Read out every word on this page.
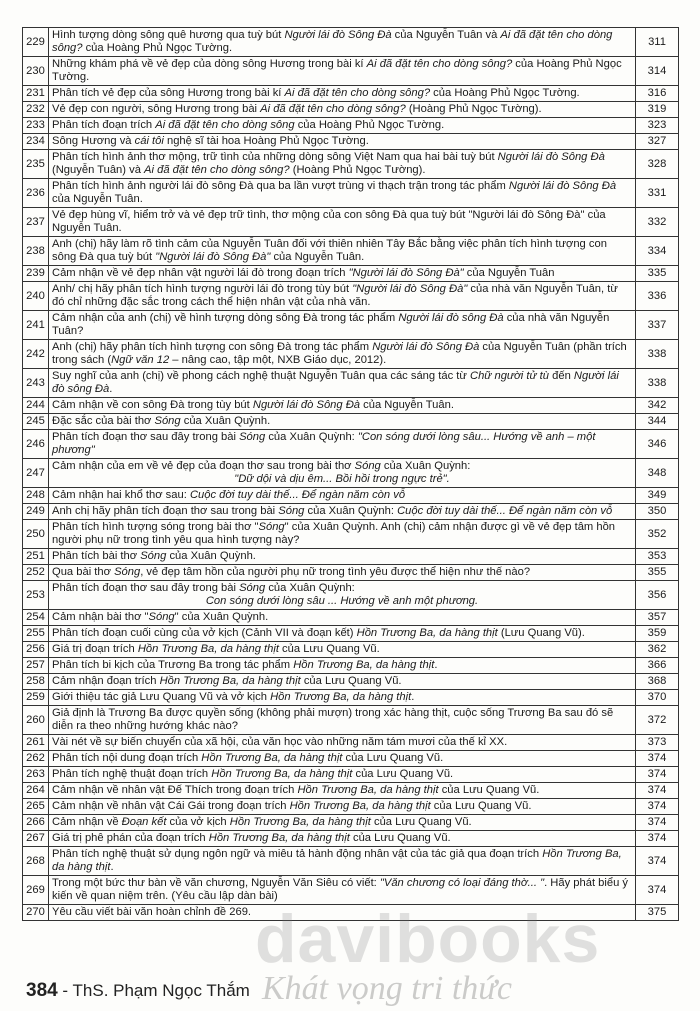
229	Hình tượng dòng sông quê hương qua tuỳ bút Người lái đò Sông Đà của Nguyễn Tuân và Ai đã đặt tên cho dòng sông? của Hoàng Phủ Ngọc Tường.	311
230	Những khám phá về vẻ đẹp của dòng sông Hương trong bài kí Ai đã đặt tên cho dòng sông? của Hoàng Phủ Ngọc Tường.	314
231	Phân tích vẻ đẹp của sông Hương trong bài kí Ai đã đặt tên cho dòng sông? của Hoàng Phủ Ngọc Tường.	316
232	Vẻ đẹp con người, sông Hương trong bài Ai đã đặt tên cho dòng sông? (Hoàng Phủ Ngọc Tường).	319
233	Phân tích đoạn trích Ai đã đặt tên cho dòng sông của Hoàng Phủ Ngọc Tường.	323
234	Sông Hương và cái tôi nghệ sĩ tài hoa Hoàng Phủ Ngọc Tường.	327
235	Phân tích hình ảnh thơ mộng, trữ tình của những dòng sông Việt Nam qua hai bài tuỳ bút Người lái đò Sông Đà (Nguyễn Tuân) và Ai đã đặt tên cho dòng sông? (Hoàng Phủ Ngọc Tường).	328
236	Phân tích hình ảnh người lái đò sông Đà qua ba lần vượt trùng vi thạch trận trong tác phẩm Người lái đò Sông Đà của Nguyễn Tuân.	331
237	Vẻ đẹp hùng vĩ, hiểm trở và vẻ đẹp trữ tình, thơ mộng của con sông Đà qua tuỳ bút "Người lái đò Sông Đà" của Nguyễn Tuân.	332
238	Anh (chị) hãy làm rõ tình cảm của Nguyễn Tuân đối với thiên nhiên Tây Bắc bằng việc phân tích hình tượng con sông Đà qua tuỳ bút "Người lái đò Sông Đà" của Nguyễn Tuân.	334
239	Cảm nhận về vẻ đẹp nhân vật người lái đò trong đoạn trích "Người lái đò Sông Đà" của Nguyễn Tuân	335
240	Anh/ chị hãy phân tích hình tượng người lái đò trong tùy bút "Người lái đò Sông Đà" của nhà văn Nguyễn Tuân, từ đó chỉ những đặc sắc trong cách thể hiện nhân vật của nhà văn.	336
241	Cảm nhận của anh (chị) về hình tượng dòng sông Đà trong tác phẩm Người lái đò sông Đà của nhà văn Nguyễn Tuân?	337
242	Anh (chị) hãy phân tích hình tượng con sông Đà trong tác phẩm Người lái đò Sông Đà của Nguyễn Tuân (phần trích trong sách (Ngữ văn 12 – nâng cao, tập một, NXB Giáo dục, 2012).	338
243	Suy nghĩ của anh (chị) về phong cách nghệ thuật Nguyễn Tuân qua các sáng tác từ Chữ người tử tù đến Người lái đò sông Đà.	338
244	Cảm nhận về con sông Đà trong tùy bút Người lái đò Sông Đà của Nguyễn Tuân.	342
245	Đặc sắc của bài thơ Sóng của Xuân Quỳnh.	344
246	Phân tích đoạn thơ sau đây trong bài Sóng của Xuân Quỳnh: "Con sóng dưới lòng sâu... Hướng về anh – một phương"	346
247	Cảm nhận của em về vẻ đẹp của đoạn thơ sau trong bài thơ Sóng của Xuân Quỳnh:

"Dữ dội và dịu êm... Bồi hồi trong ngực trẻ".	348
248	Cảm nhận hai khổ thơ sau: Cuộc đời tuy dài thế... Để ngàn năm còn vỗ	349
249	Anh chị hãy phân tích đoạn thơ sau trong bài Sóng của Xuân Quỳnh: Cuộc đời tuy dài thế... Để ngàn năm còn vỗ	350
250	Phân tích hình tượng sóng trong bài thơ "Sóng" của Xuân Quỳnh. Anh (chị) cảm nhận được gì về vẻ đẹp tâm hồn người phụ nữ trong tình yêu qua hình tượng này?	352
251	Phân tích bài thơ Sóng của Xuân Quỳnh.	353
252	Qua bài thơ Sóng, vẻ đẹp tâm hồn của người phụ nữ trong tình yêu được thể hiện như thế nào?	355
253	Phân tích đoạn thơ sau đây trong bài Sóng của Xuân Quỳnh:

Con sóng dưới lòng sâu ... Hướng về anh một phương.	356
254	Cảm nhận bài thơ "Sóng" của Xuân Quỳnh.	357
255	Phân tích đoạn cuối cùng của vở kịch (Cảnh VII và đoạn kết) Hồn Trương Ba, da hàng thịt (Lưu Quang Vũ).	359
256	Giá trị đoạn trích Hồn Trương Ba, da hàng thịt của Lưu Quang Vũ.	362
257	Phân tích bi kịch của Trương Ba trong tác phẩm Hồn Trương Ba, da hàng thịt.	366
258	Cảm nhận đoạn trích Hồn Trương Ba, da hàng thịt của Lưu Quang Vũ.	368
259	Giới thiệu tác giả Lưu Quang Vũ và vở kịch Hồn Trương Ba, da hàng thịt.	370
260	Giả định là Trương Ba được quyền sống (không phải mượn) trong xác hàng thịt, cuộc sống Trương Ba sau đó sẽ diễn ra theo những hướng khác nào?	372
261	Vài nét về sự biến chuyển của xã hội, của văn học vào những năm tám mươi của thế kỉ XX.	373
262	Phân tích nội dung đoạn trích Hồn Trương Ba, da hàng thịt của Lưu Quang Vũ.	374
263	Phân tích nghệ thuật đoạn trích Hồn Trương Ba, da hàng thịt của Lưu Quang Vũ.	374
264	Cảm nhận về nhân vật Đế Thích trong đoạn trích Hồn Trương Ba, da hàng thịt của Lưu Quang Vũ.	374
265	Cảm nhận về nhân vật Cái Gái trong đoạn trích Hồn Trương Ba, da hàng thịt của Lưu Quang Vũ.	374
266	Cảm nhận về Đoạn kết của vở kịch Hồn Trương Ba, da hàng thịt của Lưu Quang Vũ.	374
267	Giá trị phê phán của đoạn trích Hồn Trương Ba, da hàng thịt của Lưu Quang Vũ.	374
268	Phân tích nghệ thuật sử dụng ngôn ngữ và miêu tả hành động nhân vật của tác giả qua đoạn trích Hồn Trương Ba, da hàng thịt.	374
269	Trong một bức thư bàn về văn chương, Nguyễn Văn Siêu có viết: "Văn chương có loại đáng thờ... ". Hãy phát biểu ý kiến về quan niệm trên. (Yêu cầu lập dàn bài)	374
270	Yêu cầu viết bài văn hoàn chỉnh đề 269.	375
davibooks
Khát vọng tri thức
384 - ThS. Phạm Ngọc Thắm
